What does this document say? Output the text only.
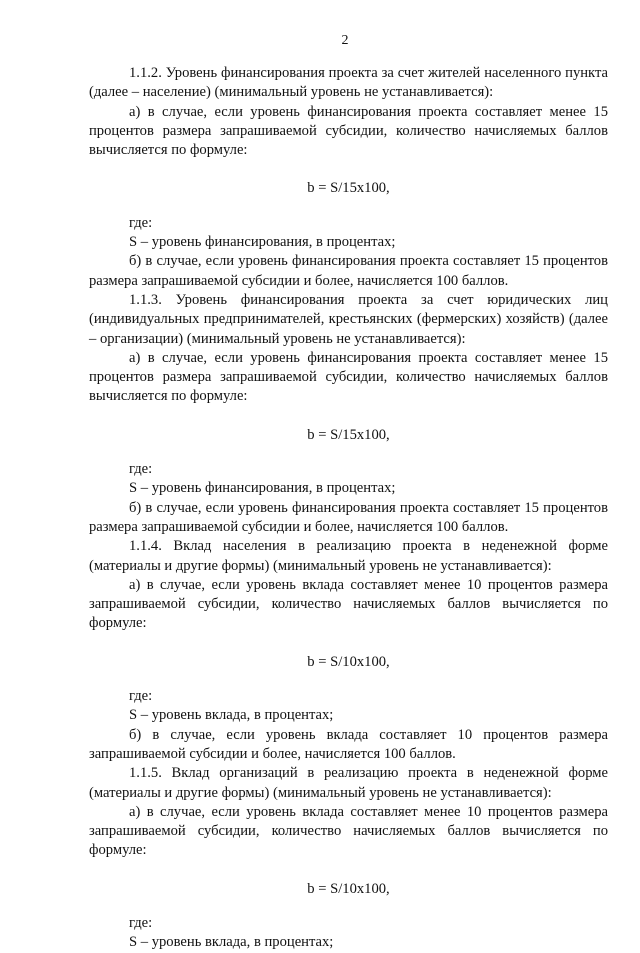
2

1.1.2. Уровень финансирования проекта за счет жителей населенного пункта (далее – население) (минимальный уровень не устанавливается):

а) в случае, если уровень финансирования проекта составляет менее 15 процентов размера запрашиваемой субсидии, количество начисляемых баллов вычисляется по формуле:

b = S/15x100,

где:

S – уровень финансирования, в процентах;

б) в случае, если уровень финансирования проекта составляет 15 процентов размера запрашиваемой субсидии и более, начисляется 100 баллов.

1.1.3. Уровень финансирования проекта за счет юридических лиц (индивидуальных предпринимателей, крестьянских (фермерских) хозяйств) (далее – организации) (минимальный уровень не устанавливается):

а) в случае, если уровень финансирования проекта составляет менее 15 процентов размера запрашиваемой субсидии, количество начисляемых баллов вычисляется по формуле:

b = S/15x100,

где:

S – уровень финансирования, в процентах;

б) в случае, если уровень финансирования проекта составляет 15 процентов размера запрашиваемой субсидии и более, начисляется 100 баллов.

1.1.4. Вклад населения в реализацию проекта в неденежной форме (материалы и другие формы) (минимальный уровень не устанавливается):

а) в случае, если уровень вклада составляет менее 10 процентов размера запрашиваемой субсидии, количество начисляемых баллов вычисляется по формуле:

b = S/10x100,

где:

S – уровень вклада, в процентах;

б) в случае, если уровень вклада составляет 10 процентов размера запрашиваемой субсидии и более, начисляется 100 баллов.

1.1.5. Вклад организаций в реализацию проекта в неденежной форме (материалы и другие формы) (минимальный уровень не устанавливается):

а) в случае, если уровень вклада составляет менее 10 процентов размера запрашиваемой субсидии, количество начисляемых баллов вычисляется по формуле:

b = S/10x100,

где:

S – уровень вклада, в процентах;
